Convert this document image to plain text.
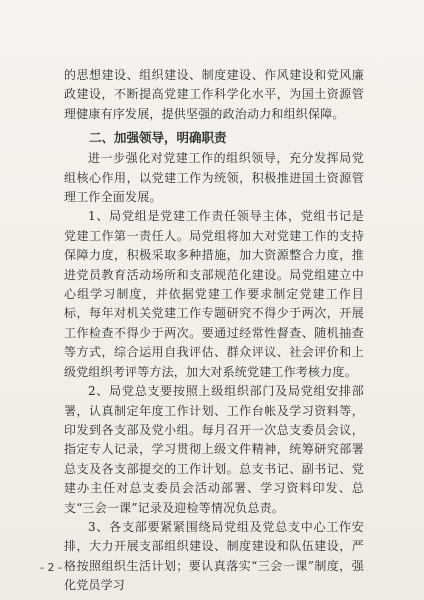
的思想建设、组织建设、制度建设、作风建设和党风廉政建设，不断提高党建工作科学化水平，为国土资源管理健康有序发展，提供坚强的政治动力和组织保障。

二、加强领导，明确职责

进一步强化对党建工作的组织领导，充分发挥局党组核心作用，以党建工作为统领，积极推进国土资源管理工作全面发展。

1、局党组是党建工作责任领导主体，党组书记是党建工作第一责任人。局党组将加大对党建工作的支持保障力度，积极采取多种措施，加大资源整合力度，推进党员教育活动场所和支部规范化建设。局党组建立中心组学习制度，并依据党建工作要求制定党建工作目标，每年对机关党建工作专题研究不得少于两次，开展工作检查不得少于两次。要通过经常性督查、随机抽查等方式，综合运用自我评估、群众评议、社会评价和上级党组织考评等方法，加大对系统党建工作考核力度。

2、局党总支要按照上级组织部门及局党组安排部署，认真制定年度工作计划、工作台帐及学习资料等，印发到各支部及党小组。每月召开一次总支委员会议，指定专人记录，学习贯彻上级文件精神，统筹研究部署总支及各支部提交的工作计划。总支书记、副书记、党建办主任对总支委员会活动部署、学习资料印发、总支“三会一课”记录及迎检等情况负总责。

3、各支部要紧紧围绕局党组及党总支中心工作安排，大力开展支部组织建设、制度建设和队伍建设，严格按照组织生活计划；要认真落实“三会一课”制度，强化党员学习

- 2 -
